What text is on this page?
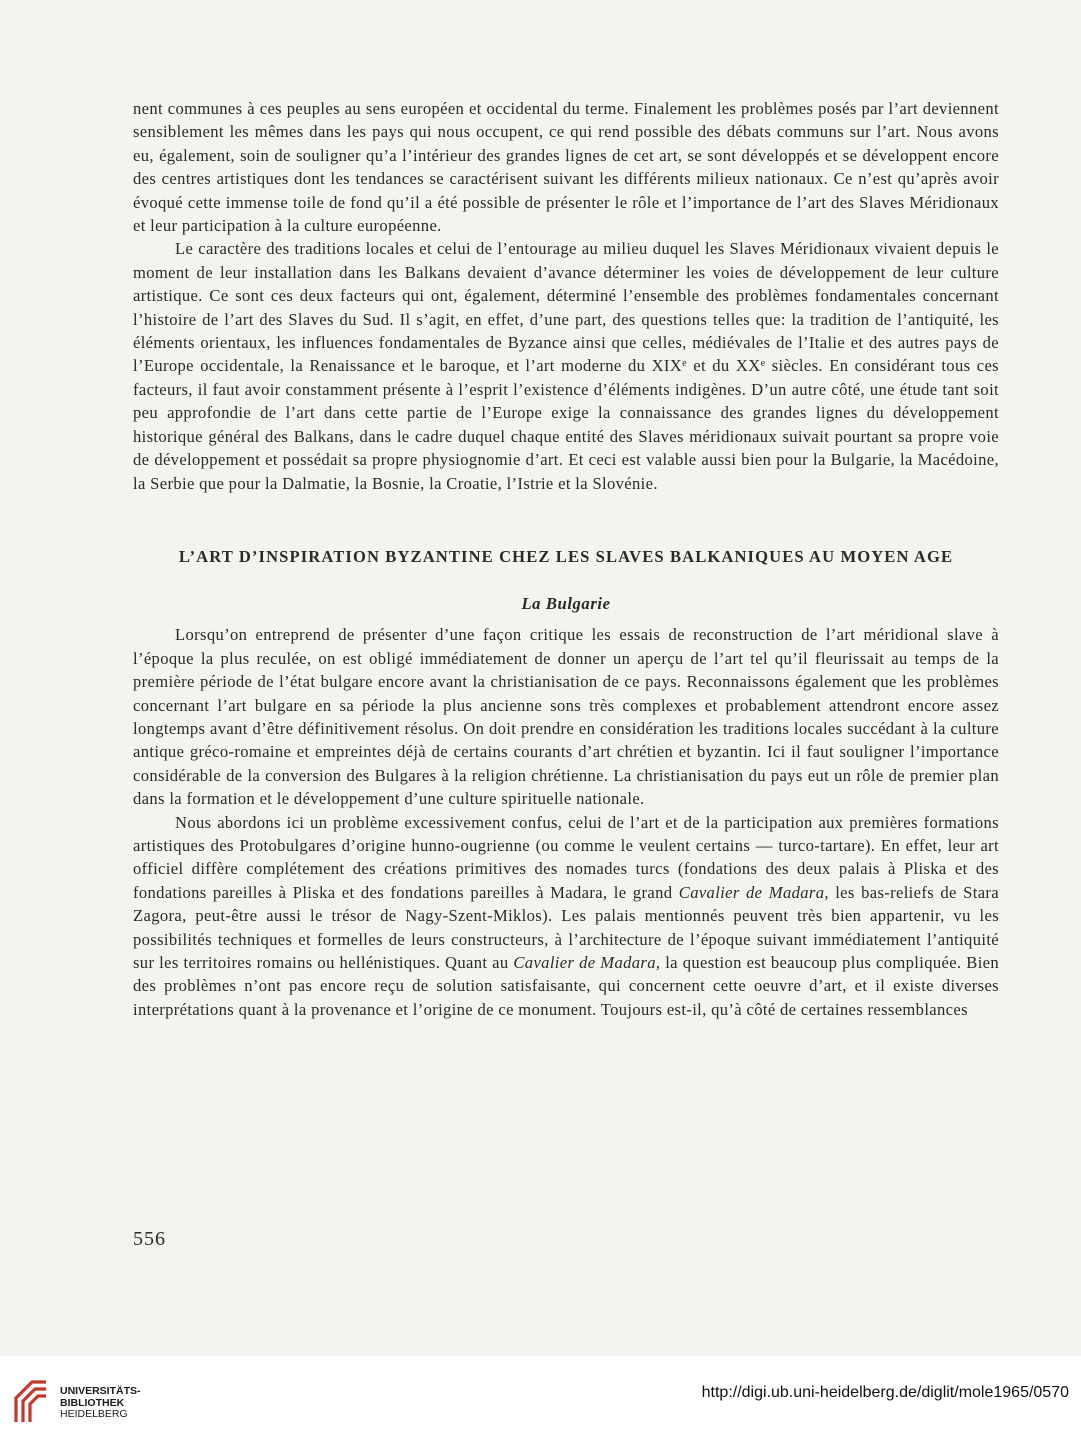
nent communes à ces peuples au sens européen et occidental du terme. Finalement les problèmes posés par l’art deviennent sensiblement les mêmes dans les pays qui nous occupent, ce qui rend possible des débats communs sur l’art. Nous avons eu, également, soin de souligner qu’a l’intérieur des grandes lignes de cet art, se sont développés et se développent encore des centres artistiques dont les tendances se caractérisent suivant les différents milieux nationaux. Ce n’est qu’après avoir évoqué cette immense toile de fond qu’il a été possible de présenter le rôle et l’importance de l’art des Slaves Méridionaux et leur participation à la culture européenne.

Le caractère des traditions locales et celui de l’entourage au milieu duquel les Slaves Méridionaux vivaient depuis le moment de leur installation dans les Balkans devaient d’avance déterminer les voies de développement de leur culture artistique. Ce sont ces deux facteurs qui ont, également, déterminé l’ensemble des problèmes fondamentales concernant l’histoire de l’art des Slaves du Sud. Il s’agit, en effet, d’une part, des questions telles que: la tradition de l’antiquité, les éléments orientaux, les influences fondamentales de Byzance ainsi que celles, médiévales de l’Italie et des autres pays de l’Europe occidentale, la Renaissance et le baroque, et l’art moderne du XIXe et du XXe siècles. En considérant tous ces facteurs, il faut avoir constamment présente à l’esprit l’existence d’éléments indigènes. D’un autre côté, une étude tant soit peu approfondie de l’art dans cette partie de l’Europe exige la connaissance des grandes lignes du développement historique général des Balkans, dans le cadre duquel chaque entité des Slaves méridionaux suivait pourtant sa propre voie de développement et possédait sa propre physiognomie d’art. Et ceci est valable aussi bien pour la Bulgarie, la Macédoine, la Serbie que pour la Dalmatie, la Bosnie, la Croatie, l’Istrie et la Slovénie.

L’ART D’INSPIRATION BYZANTINE CHEZ LES SLAVES BALKANIQUES AU MOYEN AGE
La Bulgarie

Lorsqu’on entreprend de présenter d’une façon critique les essais de reconstruction de l’art méridional slave à l’époque la plus reculée, on est obligé immédiatement de donner un aperçu de l’art tel qu’il fleurissait au temps de la première période de l’état bulgare encore avant la christianisation de ce pays. Reconnaissons également que les problèmes concernant l’art bulgare en sa période la plus ancienne sons très complexes et probablement attendront encore assez longtemps avant d’être définitivement résolus. On doit prendre en considération les traditions locales succédant à la culture antique gréco-romaine et empreintes déjà de certains courants d’art chrétien et byzantin. Ici il faut souligner l’importance considérable de la conversion des Bulgares à la religion chrétienne. La christianisation du pays eut un rôle de premier plan dans la formation et le développement d’une culture spirituelle nationale.

Nous abordons ici un problème excessivement confus, celui de l’art et de la participation aux premières formations artistiques des Protobulgares d’origine hunno-ougrienne (ou comme le veulent certains — turco-tartare). En effet, leur art officiel diffère complétement des créations primitives des nomades turcs (fondations des deux palais à Pliska et des fondations pareilles à Pliska et des fondations pareilles à Madara, le grand Cavalier de Madara, les bas-reliefs de Stara Zagora, peut-être aussi le trésor de Nagy-Szent-Miklos). Les palais mentionnés peuvent très bien appartenir, vu les possibilités techniques et formelles de leurs constructeurs, à l’architecture de l’époque suivant immédiatement l’antiquité sur les territoires romains ou hellénistiques. Quant au Cavalier de Madara, la question est beaucoup plus compliquée. Bien des problèmes n’ont pas encore reçu de solution satisfaisante, qui concernent cette oeuvre d’art, et il existe diverses interprétations quant à la provenance et l’origine de ce monument. Toujours est-il, qu’à côté de certaines ressemblances

556
UNIVERSITÄTS-
BIBLIOTHEK
HEIDELBERG
http://digi.ub.uni-heidelberg.de/diglit/mole1965/0570
